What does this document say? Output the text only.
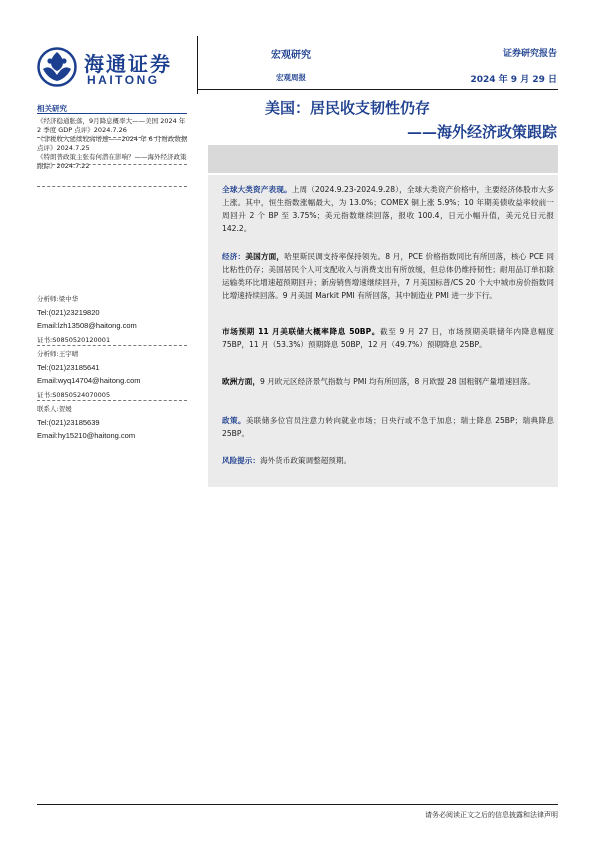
海通证券
HAITONG
宏观研究
宏观周报
证券研究报告
2024 年 9 月 29 日
美国：居民收支韧性仍存
——海外经济政策跟踪
相关研究
《经济稳通胀落，9月降息概率大——美国 2024 年 2 季度 GDP 点评》2024.7.26
《非税收入延续较高增速——2024 年 6 月财政数据点评》2024.7.25
《特朗普政策主张有何潜在影响？——海外经济政策跟踪》2024.7.22
分析师:梁中华
Tel:(021)23219820
Email:lzh13508@haitong.com
证书:S0850520120001
分析师:王宇晴
Tel:(021)23185641
Email:wyq14704@haitong.com
证书:S0850524070005
联系人:贺媛
Tel:(021)23185639
Email:hy15210@haitong.com
全球大类资产表现。上周（2024.9.23-2024.9.28），全球大类资产价格中，主要经济体股市大多上涨。其中，恒生指数涨幅最大，为 13.0%；COMEX 铜上涨 5.9%；10 年期美债收益率较前一周回升 2 个 BP 至 3.75%；美元指数继续回落，报收 100.4，日元小幅升值，美元兑日元报 142.2。
经济：美国方面，哈里斯民调支持率保持领先。8 月，PCE 价格指数同比有所回落，核心 PCE 同比粘性仍存；美国居民个人可支配收入与消费支出有所放缓，但总体仍维持韧性；耐用品订单扣除运输类环比增速超预期回升；新房销售增速继续回升，7 月美国标普/CS 20 个大中城市房价指数同比增速持续回落。9 月美国 Markit PMI 有所回落，其中制造业 PMI 进一步下行。
市场预期 11 月美联储大概率降息 50BP。截至 9 月 27 日，市场预期美联储年内降息幅度 75BP，11 月（53.3%）预期降息 50BP，12 月（49.7%）预期降息 25BP。
欧洲方面，9 月欧元区经济景气指数与 PMI 均有所回落，8 月欧盟 28 国粗钢产量增速回落。
政策。美联储多位官员注意力转向就业市场；日央行或不急于加息；瑞士降息 25BP；瑞典降息 25BP。
风险提示：海外货币政策调整超预期。
请务必阅读正文之后的信息披露和法律声明
